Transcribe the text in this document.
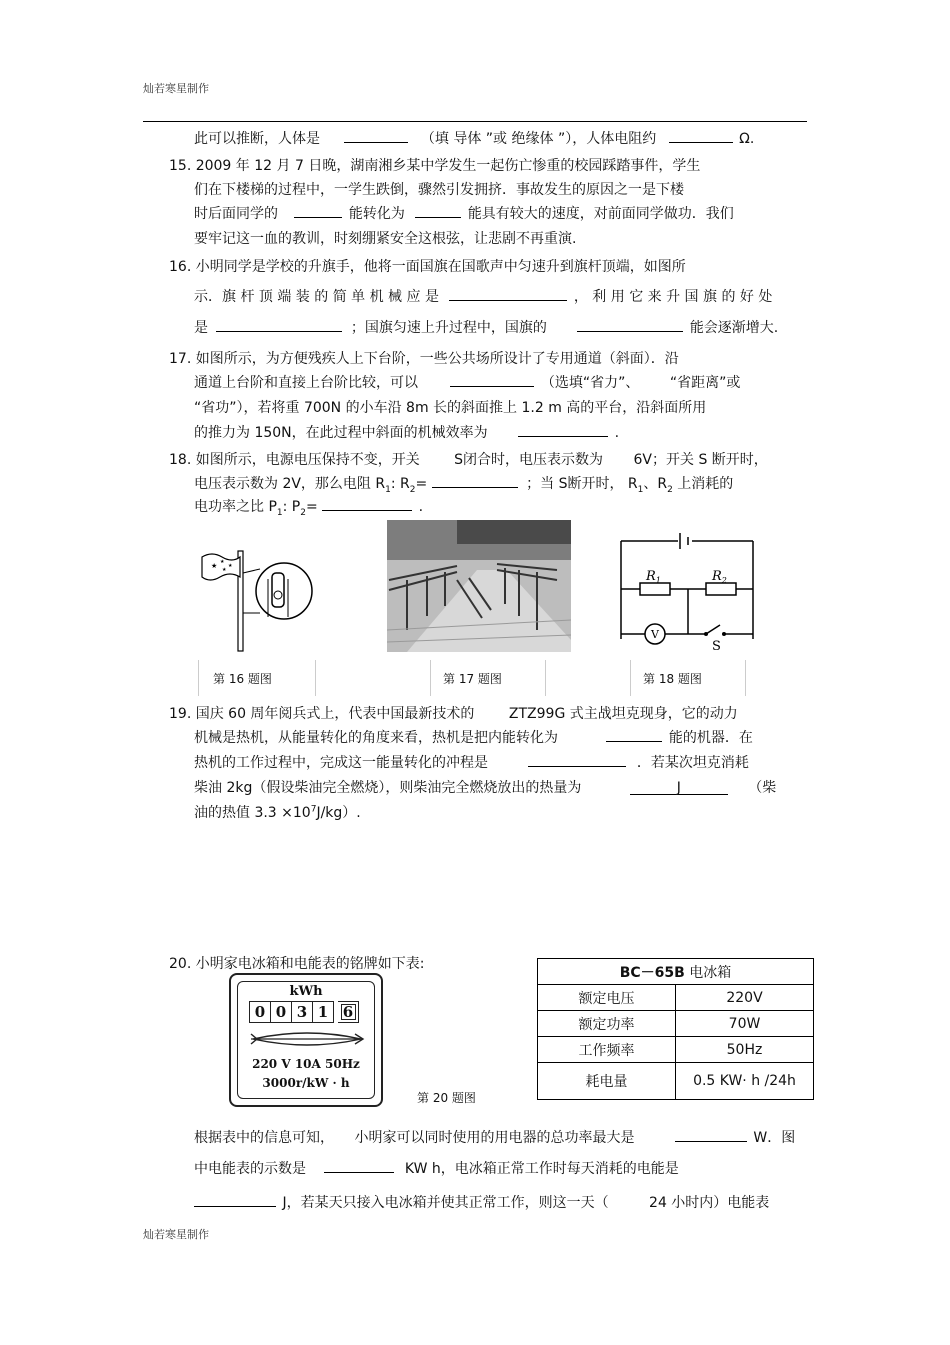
灿若寒星制作
此可以推断，人体是	（填 导体 ”或 绝缘体 ”），人体电阻约	Ω.
15. 2009 年 12 月 7 日晚，湖南湘乡某中学发生一起伤亡惨重的校园踩踏事件，学生
们在下楼梯的过程中，一学生跌倒，骤然引发拥挤．事故发生的原因之一是下楼
时后面同学的	能转化为	能具有较大的速度，对前面同学做功．我们
要牢记这一血的教训，时刻绷紧安全这根弦，让悲剧不再重演.
16. 小明同学是学校的升旗手，他将一面国旗在国歌声中匀速升到旗杆顶端，如图所
示．旗 杆 顶 端 装 的 简 单 机 械 应 是	， 利 用 它 来 升 国 旗 的 好 处
是	；国旗匀速上升过程中，国旗的	能会逐渐增大.
17. 如图所示，为方便残疾人上下台阶，一些公共场所设计了专用通道（斜面）．沿
通道上台阶和直接上台阶比较，可以	（选填“省力”、 “省距离”或
“省功”），若将重 700N 的小车沿 8m 长的斜面推上 1.2 m 高的平台，沿斜面所用
的推力为 150N，在此过程中斜面的机械效率为	.
18. 如图所示，电源电压保持不变，开关 S闭合时，电压表示数为 6V；开关 S 断开时，
电压表示数为 2V，那么电阻 $R_1$: $R_2=$	；当 S断开时， $R_1$、$R_2$ 上消耗的
电功率之比 $P_1$: $P_2=$	.
★ ★
★
★
$R_1$	$R_2$
V
S
第 16 题图	第 17 题图	第 18 题图
19. 国庆 60 周年阅兵式上，代表中国最新技术的 ZTZ99G 式主战坦克现身，它的动力
机械是热机，从能量转化的角度来看，热机是把内能转化为	能的机器．在
热机的工作过程中，完成这一能量转化的冲程是	．若某次坦克消耗
柴油 2kg（假设柴油完全燃烧），则柴油完全燃烧放出的热量为	J	（柴
油的热值 $3.3 \times 10^7J/kg$）.
20. 小明家电冰箱和电能表的铭牌如下表:
kWh
0 0 3 1 6
220 V 10A 50Hz
3000r/kW · h
第 20 题图
BC－65B 电冰箱	
额定电压	220V
额定功率	70W
工作频率	50Hz
耗电量	0.5 KW· h /24h
根据表中的信息可知， 小明家可以同时使用的用电器的总功率最大是	W．图
中电能表的示数是	KW h，电冰箱正常工作时每天消耗的电能是
J，若某天只接入电冰箱并使其正常工作，则这一天（	24 小时内）电能表
灿若寒星制作
